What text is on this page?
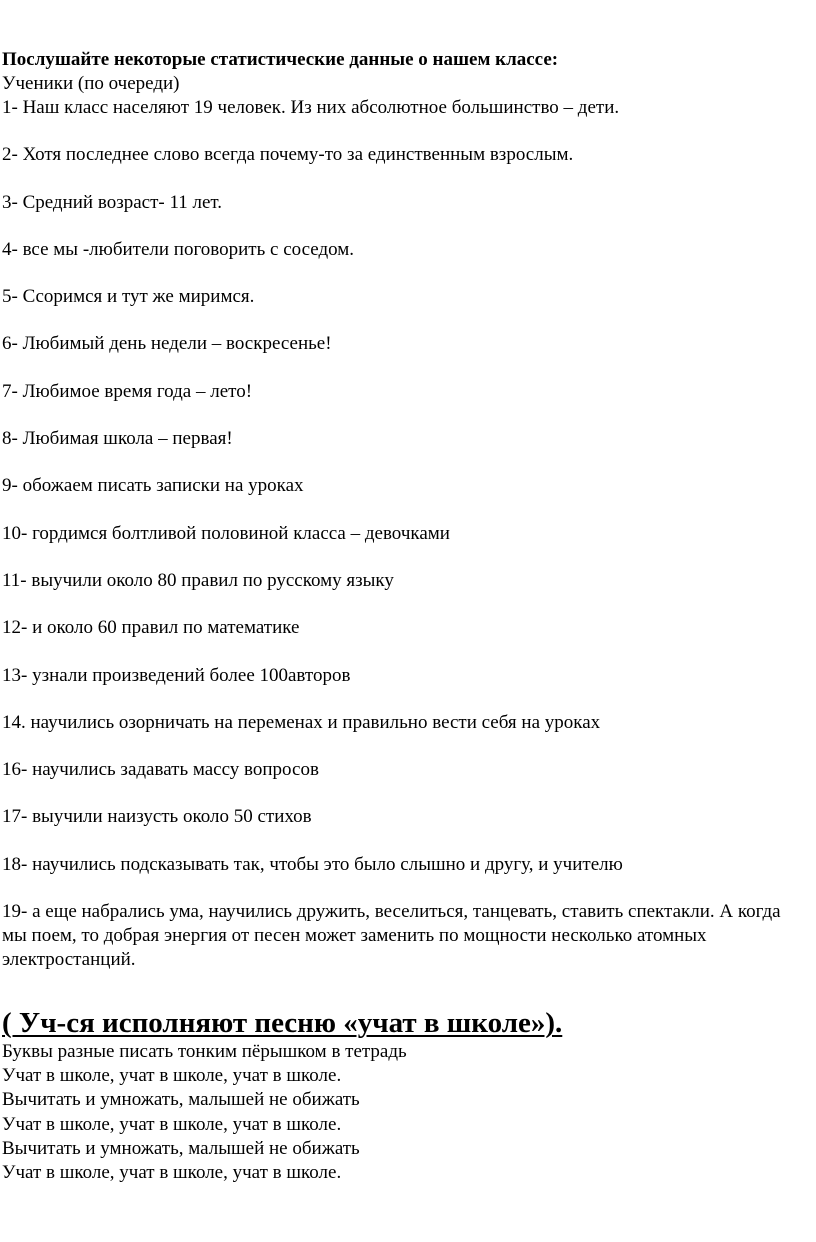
Послушайте некоторые статистические данные о нашем классе:
Ученики (по очереди)
1- Наш класс населяют 19 человек. Из них абсолютное большинство – дети.
2- Хотя последнее слово всегда почему-то за единственным взрослым.
3- Средний возраст- 11 лет.
4- все мы -любители поговорить с соседом.
5- Ссоримся и тут же миримся.
6- Любимый день недели – воскресенье!
7- Любимое время года – лето!
8- Любимая школа – первая!
9- обожаем писать записки на уроках
10- гордимся болтливой половиной класса – девочками
11- выучили около 80 правил по русскому языку
12- и около 60 правил по математике
13- узнали произведений более 100авторов
14. научились озорничать на переменах и правильно вести себя на уроках
16- научились задавать массу вопросов
17- выучили наизусть около 50 стихов
18- научились подсказывать так, чтобы это было слышно и другу, и учителю
19- а еще набрались ума, научились дружить, веселиться, танцевать, ставить спектакли. А когда мы поем, то добрая энергия от песен может заменить по мощности несколько атомных электростанций.
( Уч-ся исполняют песню «учат в школе»).
Буквы разные писать тонким пёрышком в тетрадь
Учат в школе, учат в школе, учат в школе.
Вычитать и умножать, малышей не обижать
Учат в школе, учат в школе, учат в школе.
Вычитать и умножать, малышей не обижать
Учат в школе, учат в школе, учат в школе.
